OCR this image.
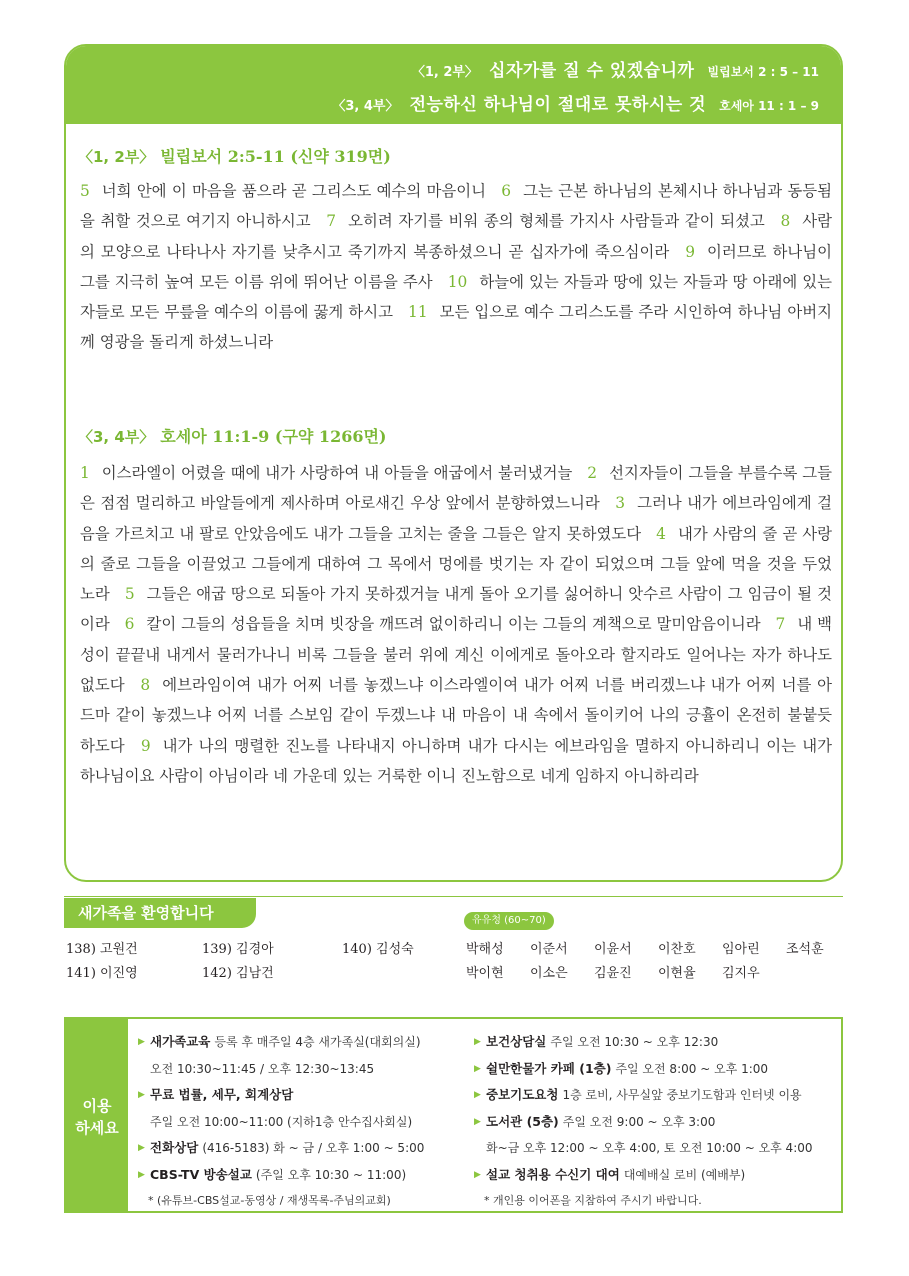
〈1, 2부〉 십자가를 질 수 있겠습니까 빌립보서 2 : 5 – 11
〈3, 4부〉 전능하신 하나님이 절대로 못하시는 것 호세아 11 : 1 – 9
〈1, 2부〉 빌립보서 2:5-11 (신약 319면)
5 너희 안에 이 마음을 품으라 곧 그리스도 예수의 마음이니 6 그는 근본 하나님의 본체시나 하나님과 동등됨을 취할 것으로 여기지 아니하시고 7 오히려 자기를 비워 종의 형체를 가지사 사람들과 같이 되셨고 8 사람의 모양으로 나타나사 자기를 낮추시고 죽기까지 복종하셨으니 곧 십자가에 죽으심이라 9 이러므로 하나님이 그를 지극히 높여 모든 이름 위에 뛰어난 이름을 주사 10 하늘에 있는 자들과 땅에 있는 자들과 땅 아래에 있는 자들로 모든 무릎을 예수의 이름에 꿇게 하시고 11 모든 입으로 예수 그리스도를 주라 시인하여 하나님 아버지께 영광을 돌리게 하셨느니라
〈3, 4부〉 호세아 11:1-9 (구약 1266면)
1 이스라엘이 어렸을 때에 내가 사랑하여 내 아들을 애굽에서 불러냈거늘 2 선지자들이 그들을 부를수록 그들은 점점 멀리하고 바알들에게 제사하며 아로새긴 우상 앞에서 분향하였느니라 3 그러나 내가 에브라임에게 걸음을 가르치고 내 팔로 안았음에도 내가 그들을 고치는 줄을 그들은 알지 못하였도다 4 내가 사람의 줄 곧 사랑의 줄로 그들을 이끌었고 그들에게 대하여 그 목에서 멍에를 벗기는 자 같이 되었으며 그들 앞에 먹을 것을 두었노라 5 그들은 애굽 땅으로 되돌아 가지 못하겠거늘 내게 돌아 오기를 싫어하니 앗수르 사람이 그 임금이 될 것이라 6 칼이 그들의 성읍들을 치며 빗장을 깨뜨려 없이하리니 이는 그들의 계책으로 말미암음이니라 7 내 백성이 끝끝내 내게서 물러가나니 비록 그들을 불러 위에 계신 이에게로 돌아오라 할지라도 일어나는 자가 하나도 없도다 8 에브라임이여 내가 어찌 너를 놓겠느냐 이스라엘이여 내가 어찌 너를 버리겠느냐 내가 어찌 너를 아드마 같이 놓겠느냐 어찌 너를 스보임 같이 두겠느냐 내 마음이 내 속에서 돌이키어 나의 긍휼이 온전히 불붙듯 하도다 9 내가 나의 맹렬한 진노를 나타내지 아니하며 내가 다시는 에브라임을 멸하지 아니하리니 이는 내가 하나님이요 사람이 아님이라 네 가운데 있는 거룩한 이니 진노함으로 네게 임하지 아니하리라
새가족을 환영합니다
138) 고원건	139) 김경아	140) 김성숙
141) 이진영	142) 김남건
유유청 (60~70)
박해성 이준서 이윤서 이찬호 임아린 조석훈
박이현 이소은 김윤진 이현율 김지우
이용
하세요
▶ 새가족교육 등록 후 매주일 4층 새가족실(대회의실)
오전 10:30~11:45 / 오후 12:30~13:45
▶ 무료 법률, 세무, 회계상담
주일 오전 10:00~11:00 (지하1층 안수집사회실)
▶ 전화상담 (416-5183) 화 ~ 금 / 오후 1:00 ~ 5:00
▶ CBS-TV 방송설교 (주일 오후 10:30 ~ 11:00)
* (유튜브-CBS설교-동영상 / 재생목록-주님의교회)
▶ 보건상담실 주일 오전 10:30 ~ 오후 12:30
▶ 쉴만한물가 카페 (1층) 주일 오전 8:00 ~ 오후 1:00
▶ 중보기도요청 1층 로비, 사무실앞 중보기도함과 인터넷 이용
▶ 도서관 (5층) 주일 오전 9:00 ~ 오후 3:00
화~금 오후 12:00 ~ 오후 4:00, 토 오전 10:00 ~ 오후 4:00
▶ 설교 청취용 수신기 대여 대예배실 로비 (예배부)
* 개인용 이어폰을 지참하여 주시기 바랍니다.
